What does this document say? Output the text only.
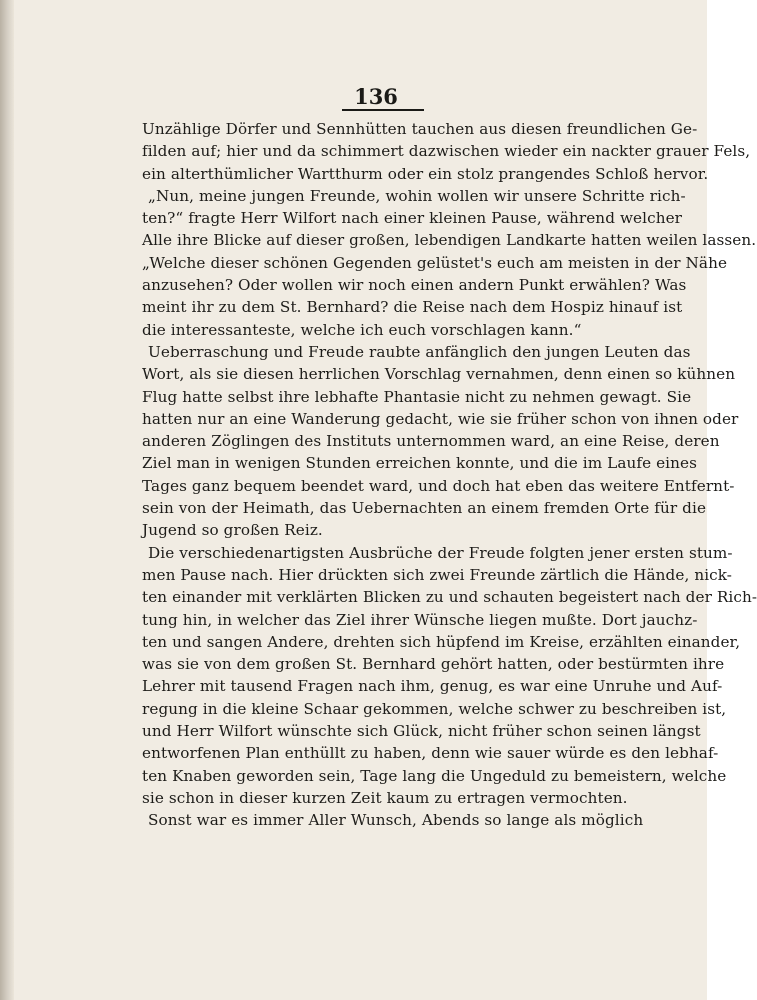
136
Unzählige Dörfer und Sennhütten tauchen aus diesen freundlichen Ge-
filden auf; hier und da schimmert dazwischen wieder ein nackter grauer Fels,
ein alterthümlicher Wartthurm oder ein stolz prangendes Schloß hervor.
„Nun, meine jungen Freunde, wohin wollen wir unsere Schritte rich-
ten?“ fragte Herr Wilfort nach einer kleinen Pause, während welcher
Alle ihre Blicke auf dieser großen, lebendigen Landkarte hatten weilen lassen.
„Welche dieser schönen Gegenden gelüstet's euch am meisten in der Nähe
anzusehen? Oder wollen wir noch einen andern Punkt erwählen? Was
meint ihr zu dem St. Bernhard? die Reise nach dem Hospiz hinauf ist
die interessanteste, welche ich euch vorschlagen kann.“
Ueberraschung und Freude raubte anfänglich den jungen Leuten das
Wort, als sie diesen herrlichen Vorschlag vernahmen, denn einen so kühnen
Flug hatte selbst ihre lebhafte Phantasie nicht zu nehmen gewagt. Sie
hatten nur an eine Wanderung gedacht, wie sie früher schon von ihnen oder
anderen Zöglingen des Instituts unternommen ward, an eine Reise, deren
Ziel man in wenigen Stunden erreichen konnte, und die im Laufe eines
Tages ganz bequem beendet ward, und doch hat eben das weitere Entfernt-
sein von der Heimath, das Uebernachten an einem fremden Orte für die
Jugend so großen Reiz.
Die verschiedenartigsten Ausbrüche der Freude folgten jener ersten stum-
men Pause nach. Hier drückten sich zwei Freunde zärtlich die Hände, nick-
ten einander mit verklärten Blicken zu und schauten begeistert nach der Rich-
tung hin, in welcher das Ziel ihrer Wünsche liegen mußte. Dort jauchz-
ten und sangen Andere, drehten sich hüpfend im Kreise, erzählten einander,
was sie von dem großen St. Bernhard gehört hatten, oder bestürmten ihre
Lehrer mit tausend Fragen nach ihm, genug, es war eine Unruhe und Auf-
regung in die kleine Schaar gekommen, welche schwer zu beschreiben ist,
und Herr Wilfort wünschte sich Glück, nicht früher schon seinen längst
entworfenen Plan enthüllt zu haben, denn wie sauer würde es den lebhaf-
ten Knaben geworden sein, Tage lang die Ungeduld zu bemeistern, welche
sie schon in dieser kurzen Zeit kaum zu ertragen vermochten.
Sonst war es immer Aller Wunsch, Abends so lange als möglich
